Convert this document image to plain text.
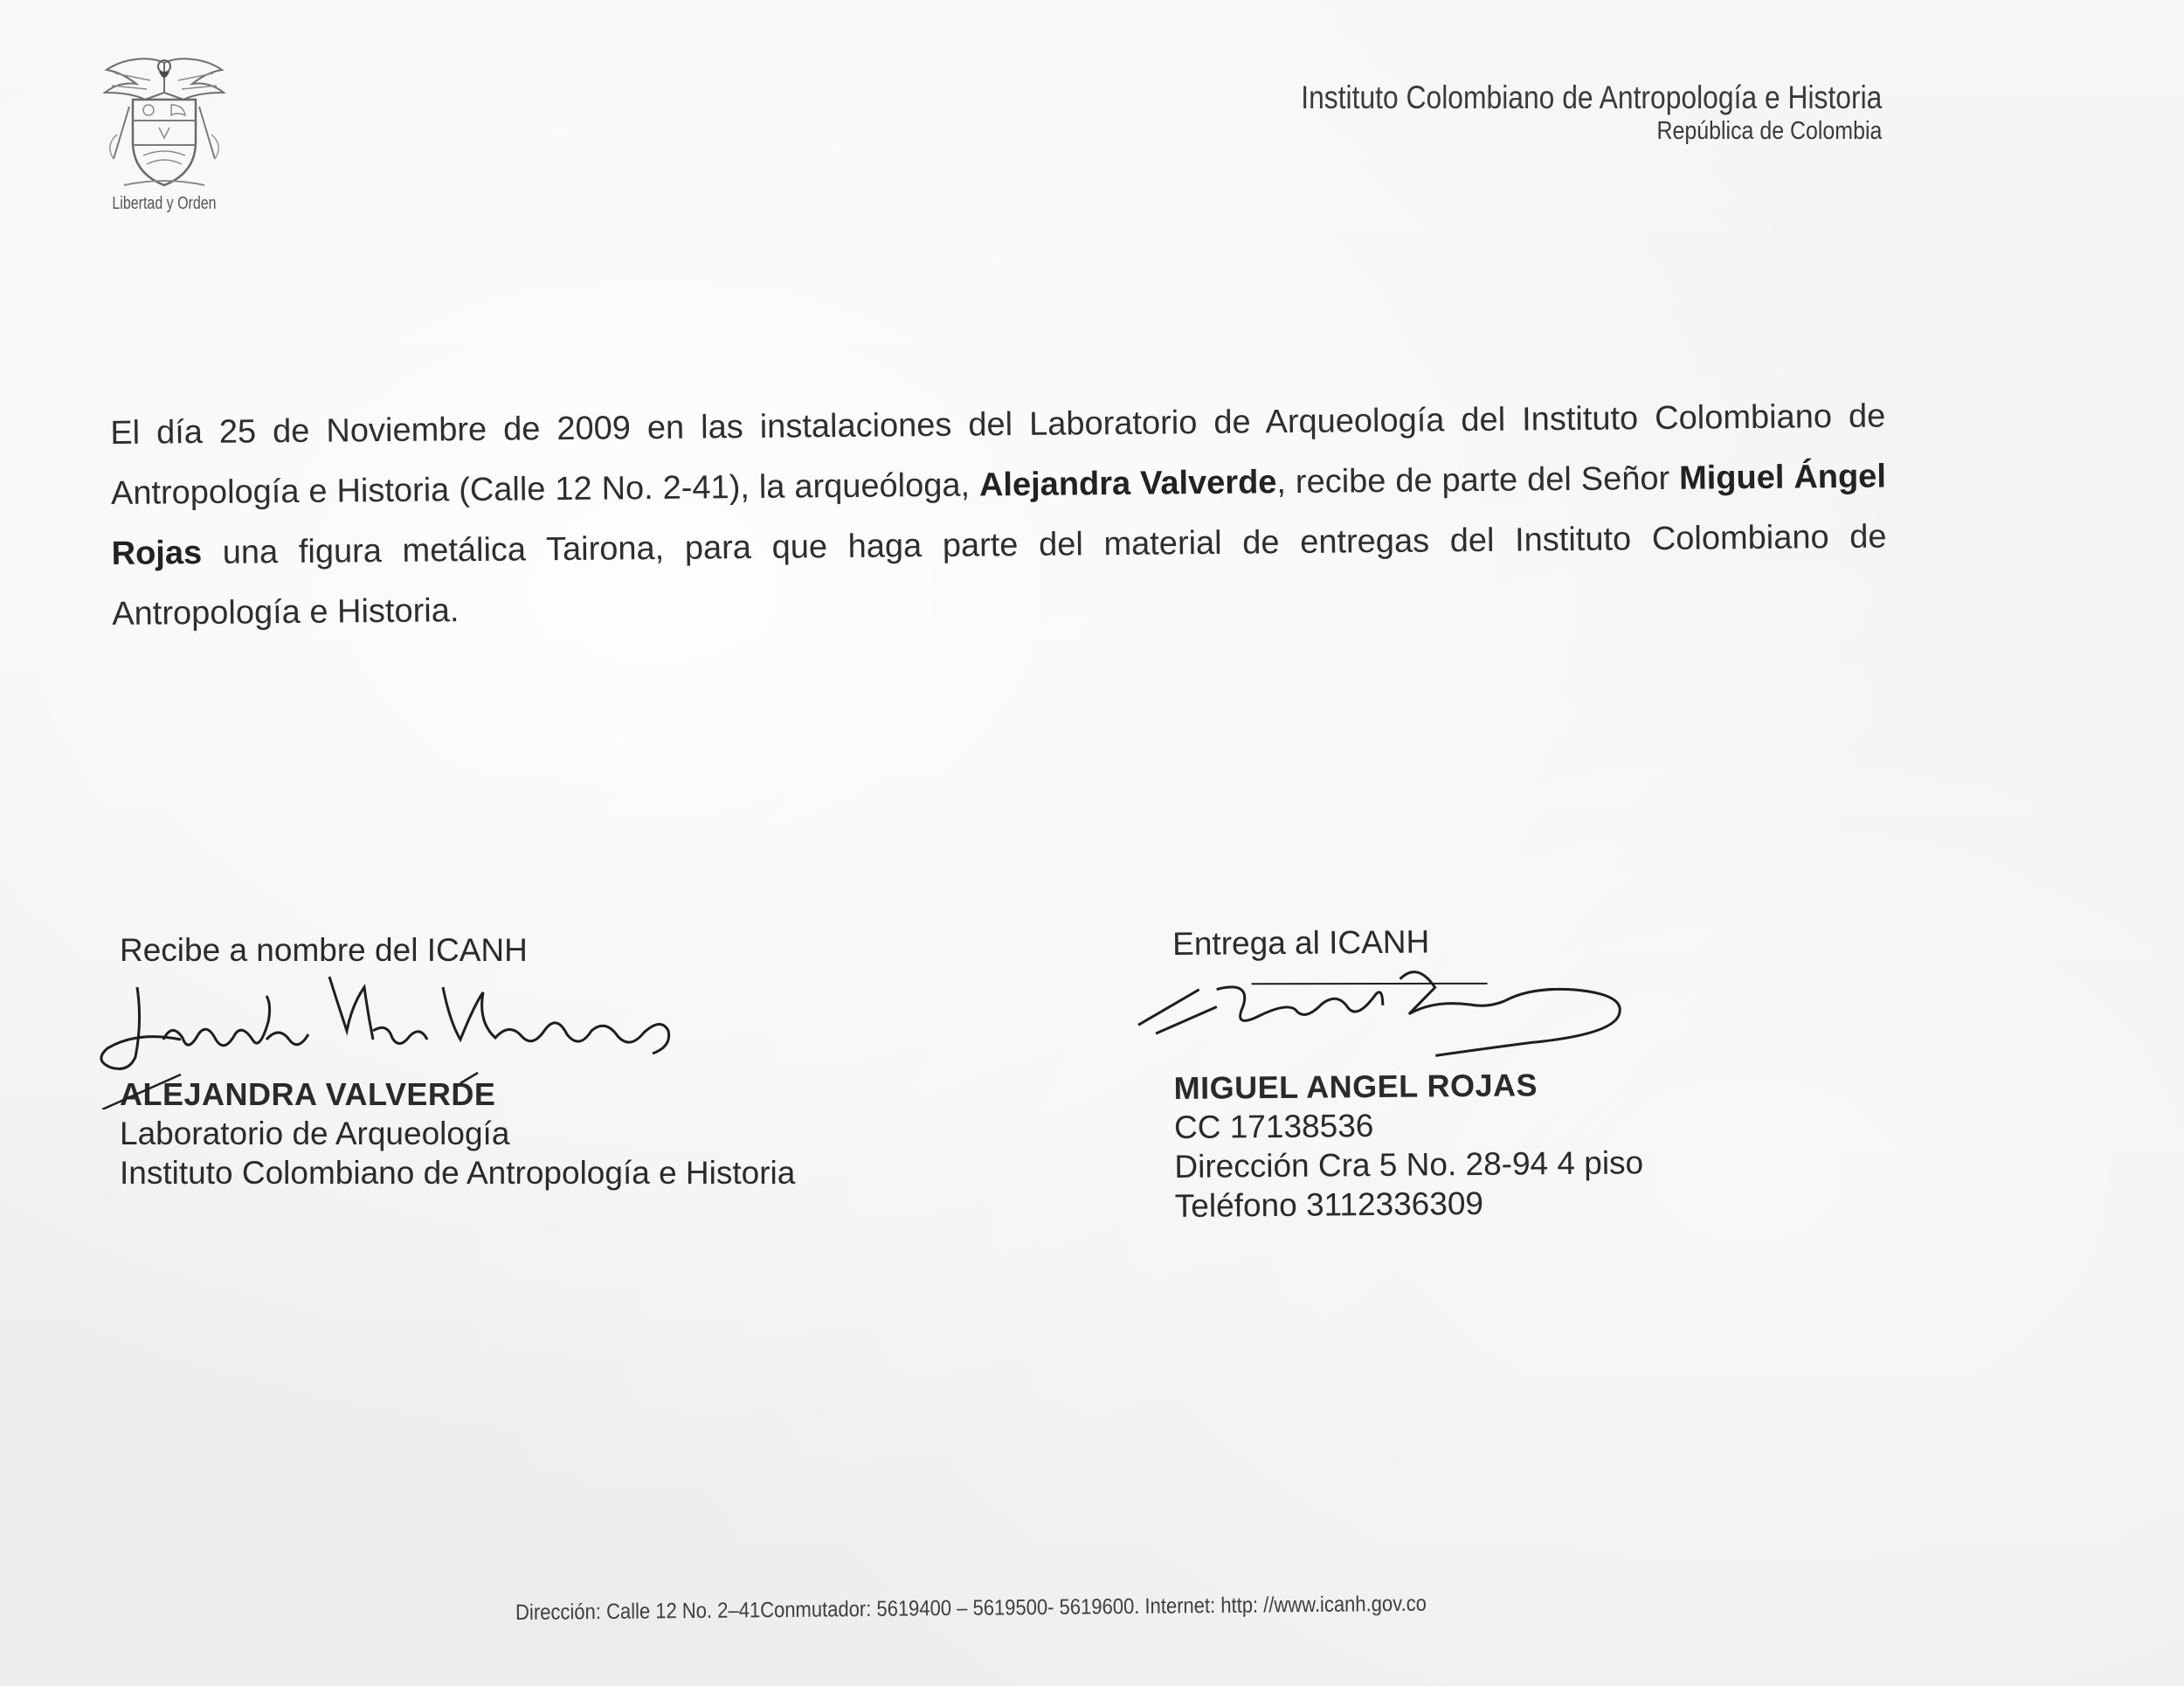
Libertad y Orden
Instituto Colombiano de Antropología e Historia
República de Colombia
El día 25 de Noviembre de 2009 en las instalaciones del Laboratorio de Arqueología del Instituto Colombiano de Antropología e Historia (Calle 12 No. 2-41), la arqueóloga, Alejandra Valverde, recibe de parte del Señor Miguel Ángel Rojas una figura metálica Tairona, para que haga parte del material de entregas del Instituto Colombiano de Antropología e Historia.
Recibe a nombre del ICANH
ALEJANDRA VALVERDE
Laboratorio de Arqueología
Instituto Colombiano de Antropología e Historia
Entrega al ICANH
MIGUEL ANGEL ROJAS
CC 17138536
Dirección Cra 5 No. 28-94 4 piso
Teléfono 3112336309
Dirección: Calle 12 No. 2–41Conmutador: 5619400 – 5619500- 5619600. Internet: http: //www.icanh.gov.co
